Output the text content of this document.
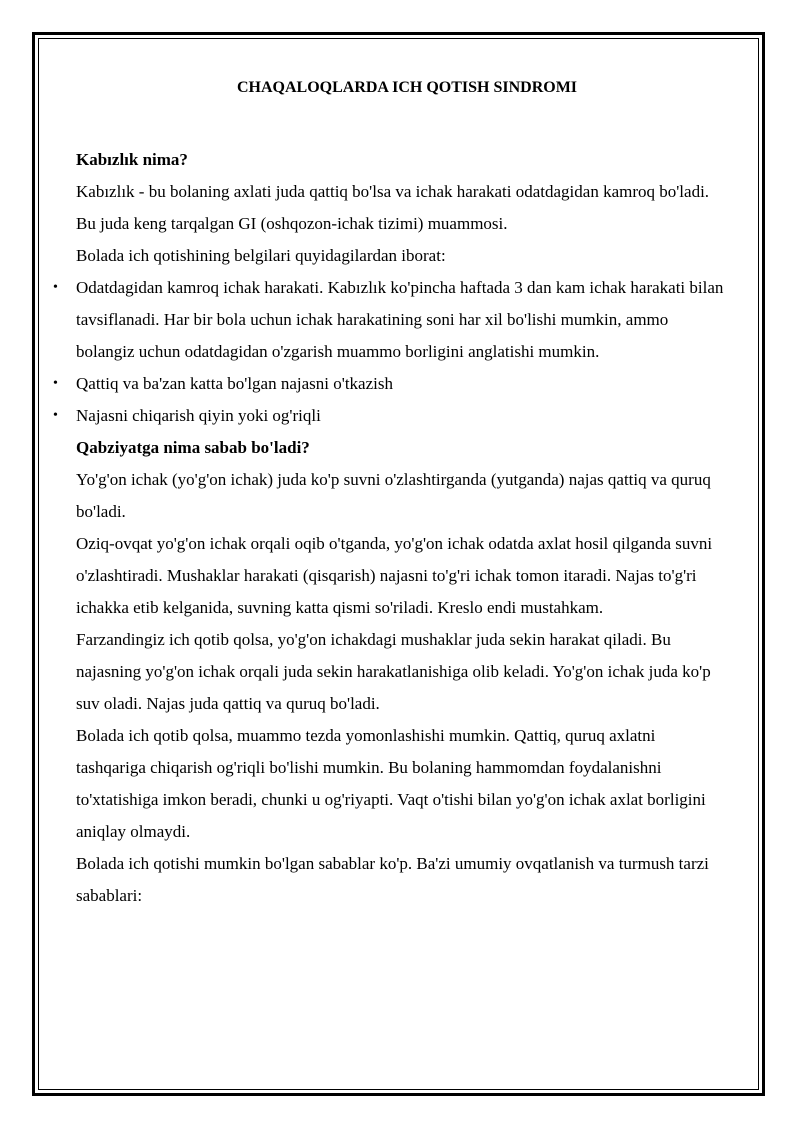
CHAQALOQLARDA ICH QOTISH SINDROMI

Kabızlık nima?

Kabızlık - bu bolaning axlati juda qattiq bo'lsa va ichak harakati odatdagidan kamroq bo'ladi. Bu juda keng tarqalgan GI (oshqozon-ichak tizimi) muammosi.

Bolada ich qotishining belgilari quyidagilardan iborat:

• Odatdagidan kamroq ichak harakati. Kabızlık ko'pincha haftada 3 dan kam ichak harakati bilan tavsiflanadi. Har bir bola uchun ichak harakatining soni har xil bo'lishi mumkin, ammo bolangiz uchun odatdagidan o'zgarish muammo borligini anglatishi mumkin.
• Qattiq va ba'zan katta bo'lgan najasni o'tkazish
• Najasni chiqarish qiyin yoki og'riqli

Qabziyatga nima sabab bo'ladi?

Yo'g'on ichak (yo'g'on ichak) juda ko'p suvni o'zlashtirganda (yutganda) najas qattiq va quruq bo'ladi.

Oziq-ovqat yo'g'on ichak orqali oqib o'tganda, yo'g'on ichak odatda axlat hosil qilganda suvni o'zlashtiradi. Mushaklar harakati (qisqarish) najasni to'g'ri ichak tomon itaradi. Najas to'g'ri ichakka etib kelganida, suvning katta qismi so'riladi. Kreslo endi mustahkam.

Farzandingiz ich qotib qolsa, yo'g'on ichakdagi mushaklar juda sekin harakat qiladi. Bu najasning yo'g'on ichak orqali juda sekin harakatlanishiga olib keladi. Yo'g'on ichak juda ko'p suv oladi. Najas juda qattiq va quruq bo'ladi.

Bolada ich qotib qolsa, muammo tezda yomonlashishi mumkin. Qattiq, quruq axlatni tashqariga chiqarish og'riqli bo'lishi mumkin. Bu bolaning hammomdan foydalanishni to'xtatishiga imkon beradi, chunki u og'riyapti. Vaqt o'tishi bilan yo'g'on ichak axlat borligini aniqlay olmaydi.

Bolada ich qotishi mumkin bo'lgan sabablar ko'p. Ba'zi umumiy ovqatlanish va turmush tarzi sabablari:
